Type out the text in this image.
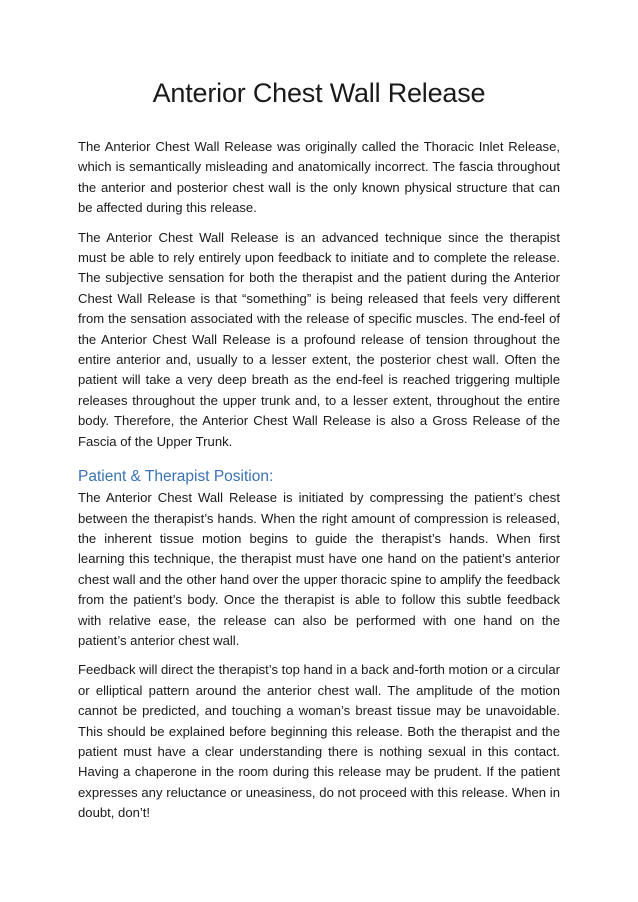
Anterior Chest Wall Release

The Anterior Chest Wall Release was originally called the Thoracic Inlet Release, which is semantically misleading and anatomically incorrect. The fascia throughout the anterior and posterior chest wall is the only known physical structure that can be affected during this release.

The Anterior Chest Wall Release is an advanced technique since the therapist must be able to rely entirely upon feedback to initiate and to complete the release. The subjective sensation for both the therapist and the patient during the Anterior Chest Wall Release is that “something” is being released that feels very different from the sensation associated with the release of specific muscles. The end-feel of the Anterior Chest Wall Release is a profound release of tension throughout the entire anterior and, usually to a lesser extent, the posterior chest wall. Often the patient will take a very deep breath as the end-feel is reached triggering multiple releases throughout the upper trunk and, to a lesser extent, throughout the entire body. Therefore, the Anterior Chest Wall Release is also a Gross Release of the Fascia of the Upper Trunk.

Patient & Therapist Position:

The Anterior Chest Wall Release is initiated by compressing the patient’s chest between the therapist’s hands. When the right amount of compression is released, the inherent tissue motion begins to guide the therapist’s hands. When first learning this technique, the therapist must have one hand on the patient’s anterior chest wall and the other hand over the upper thoracic spine to amplify the feedback from the patient’s body. Once the therapist is able to follow this subtle feedback with relative ease, the release can also be performed with one hand on the patient’s anterior chest wall.

Feedback will direct the therapist’s top hand in a back and-forth motion or a circular or elliptical pattern around the anterior chest wall. The amplitude of the motion cannot be predicted, and touching a woman’s breast tissue may be unavoidable. This should be explained before beginning this release. Both the therapist and the patient must have a clear understanding there is nothing sexual in this contact. Having a chaperone in the room during this release may be prudent. If the patient expresses any reluctance or uneasiness, do not proceed with this release. When in doubt, don’t!
